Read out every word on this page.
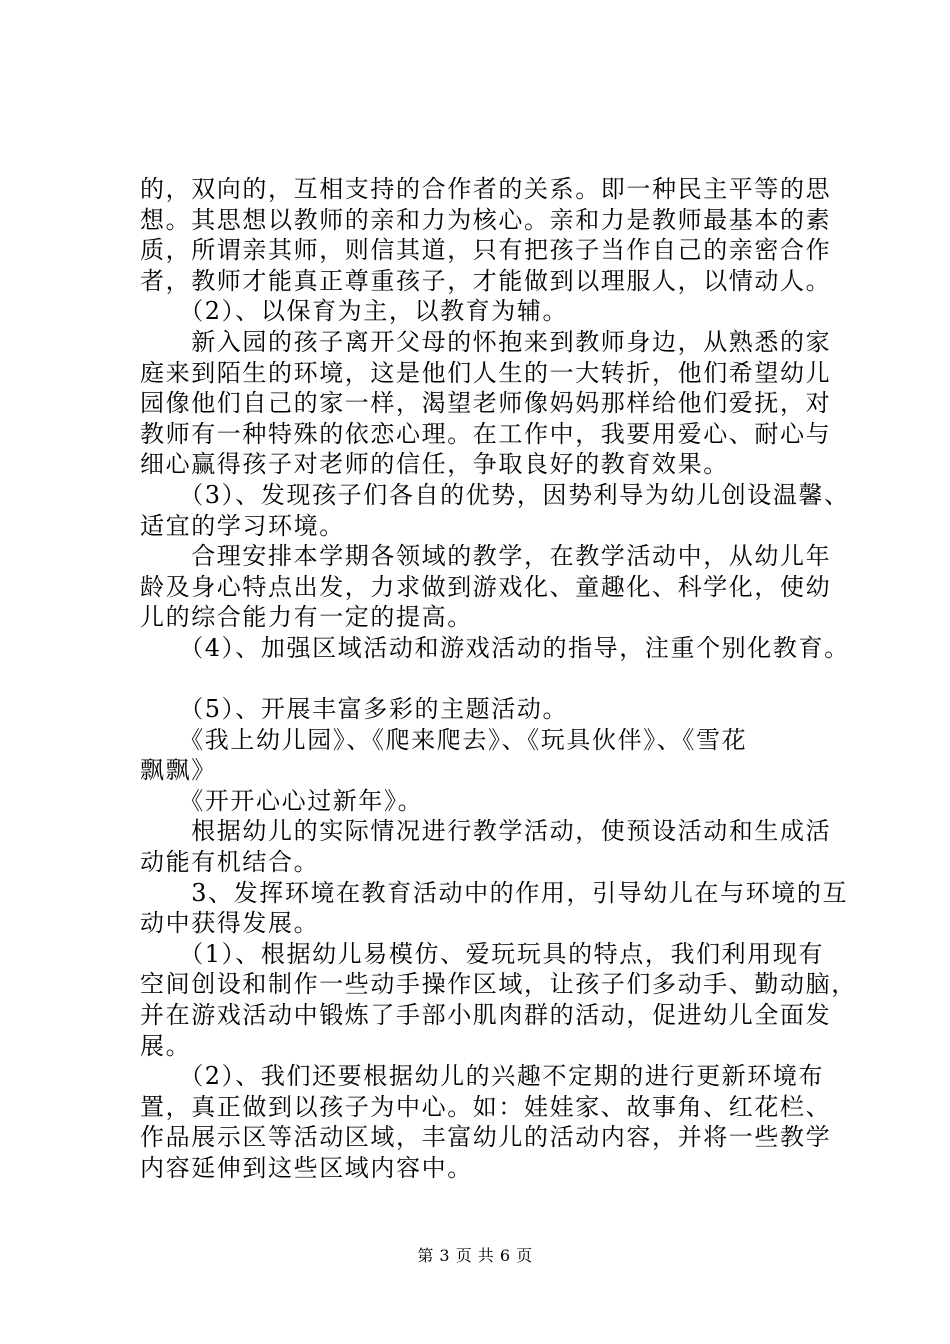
的，双向的，互相支持的合作者的关系。即一种民主平等的思
想。其思想以教师的亲和力为核心。亲和力是教师最基本的素
质，所谓亲其师，则信其道，只有把孩子当作自己的亲密合作
者，教师才能真正尊重孩子，才能做到以理服人，以情动人。
　　（2）、以保育为主，以教育为辅。
　　新入园的孩子离开父母的怀抱来到教师身边，从熟悉的家
庭来到陌生的环境，这是他们人生的一大转折，他们希望幼儿
园像他们自己的家一样，渴望老师像妈妈那样给他们爱抚，对
教师有一种特殊的依恋心理。在工作中，我要用爱心、耐心与
细心赢得孩子对老师的信任，争取良好的教育效果。
　　（3）、发现孩子们各自的优势，因势利导为幼儿创设温馨、
适宜的学习环境。
　　合理安排本学期各领域的教学，在教学活动中，从幼儿年
龄及身心特点出发，力求做到游戏化、童趣化、科学化，使幼
儿的综合能力有一定的提高。
　　（4）、加强区域活动和游戏活动的指导，注重个别化教育。
　　（5）、开展丰富多彩的主题活动。
　　《我上幼儿园》、《爬来爬去》、《玩具伙伴》、《雪花
飘飘》
　　《开开心心过新年》。
　　根据幼儿的实际情况进行教学活动，使预设活动和生成活
动能有机结合。
　　3、发挥环境在教育活动中的作用，引导幼儿在与环境的互
动中获得发展。
　　（1）、根据幼儿易模仿、爱玩玩具的特点，我们利用现有
空间创设和制作一些动手操作区域，让孩子们多动手、勤动脑，
并在游戏活动中锻炼了手部小肌肉群的活动，促进幼儿全面发
展。
　　（2）、我们还要根据幼儿的兴趣不定期的进行更新环境布
置，真正做到以孩子为中心。如：娃娃家、故事角、红花栏、
作品展示区等活动区域，丰富幼儿的活动内容，并将一些教学
内容延伸到这些区域内容中。
第 3 页 共 6 页
